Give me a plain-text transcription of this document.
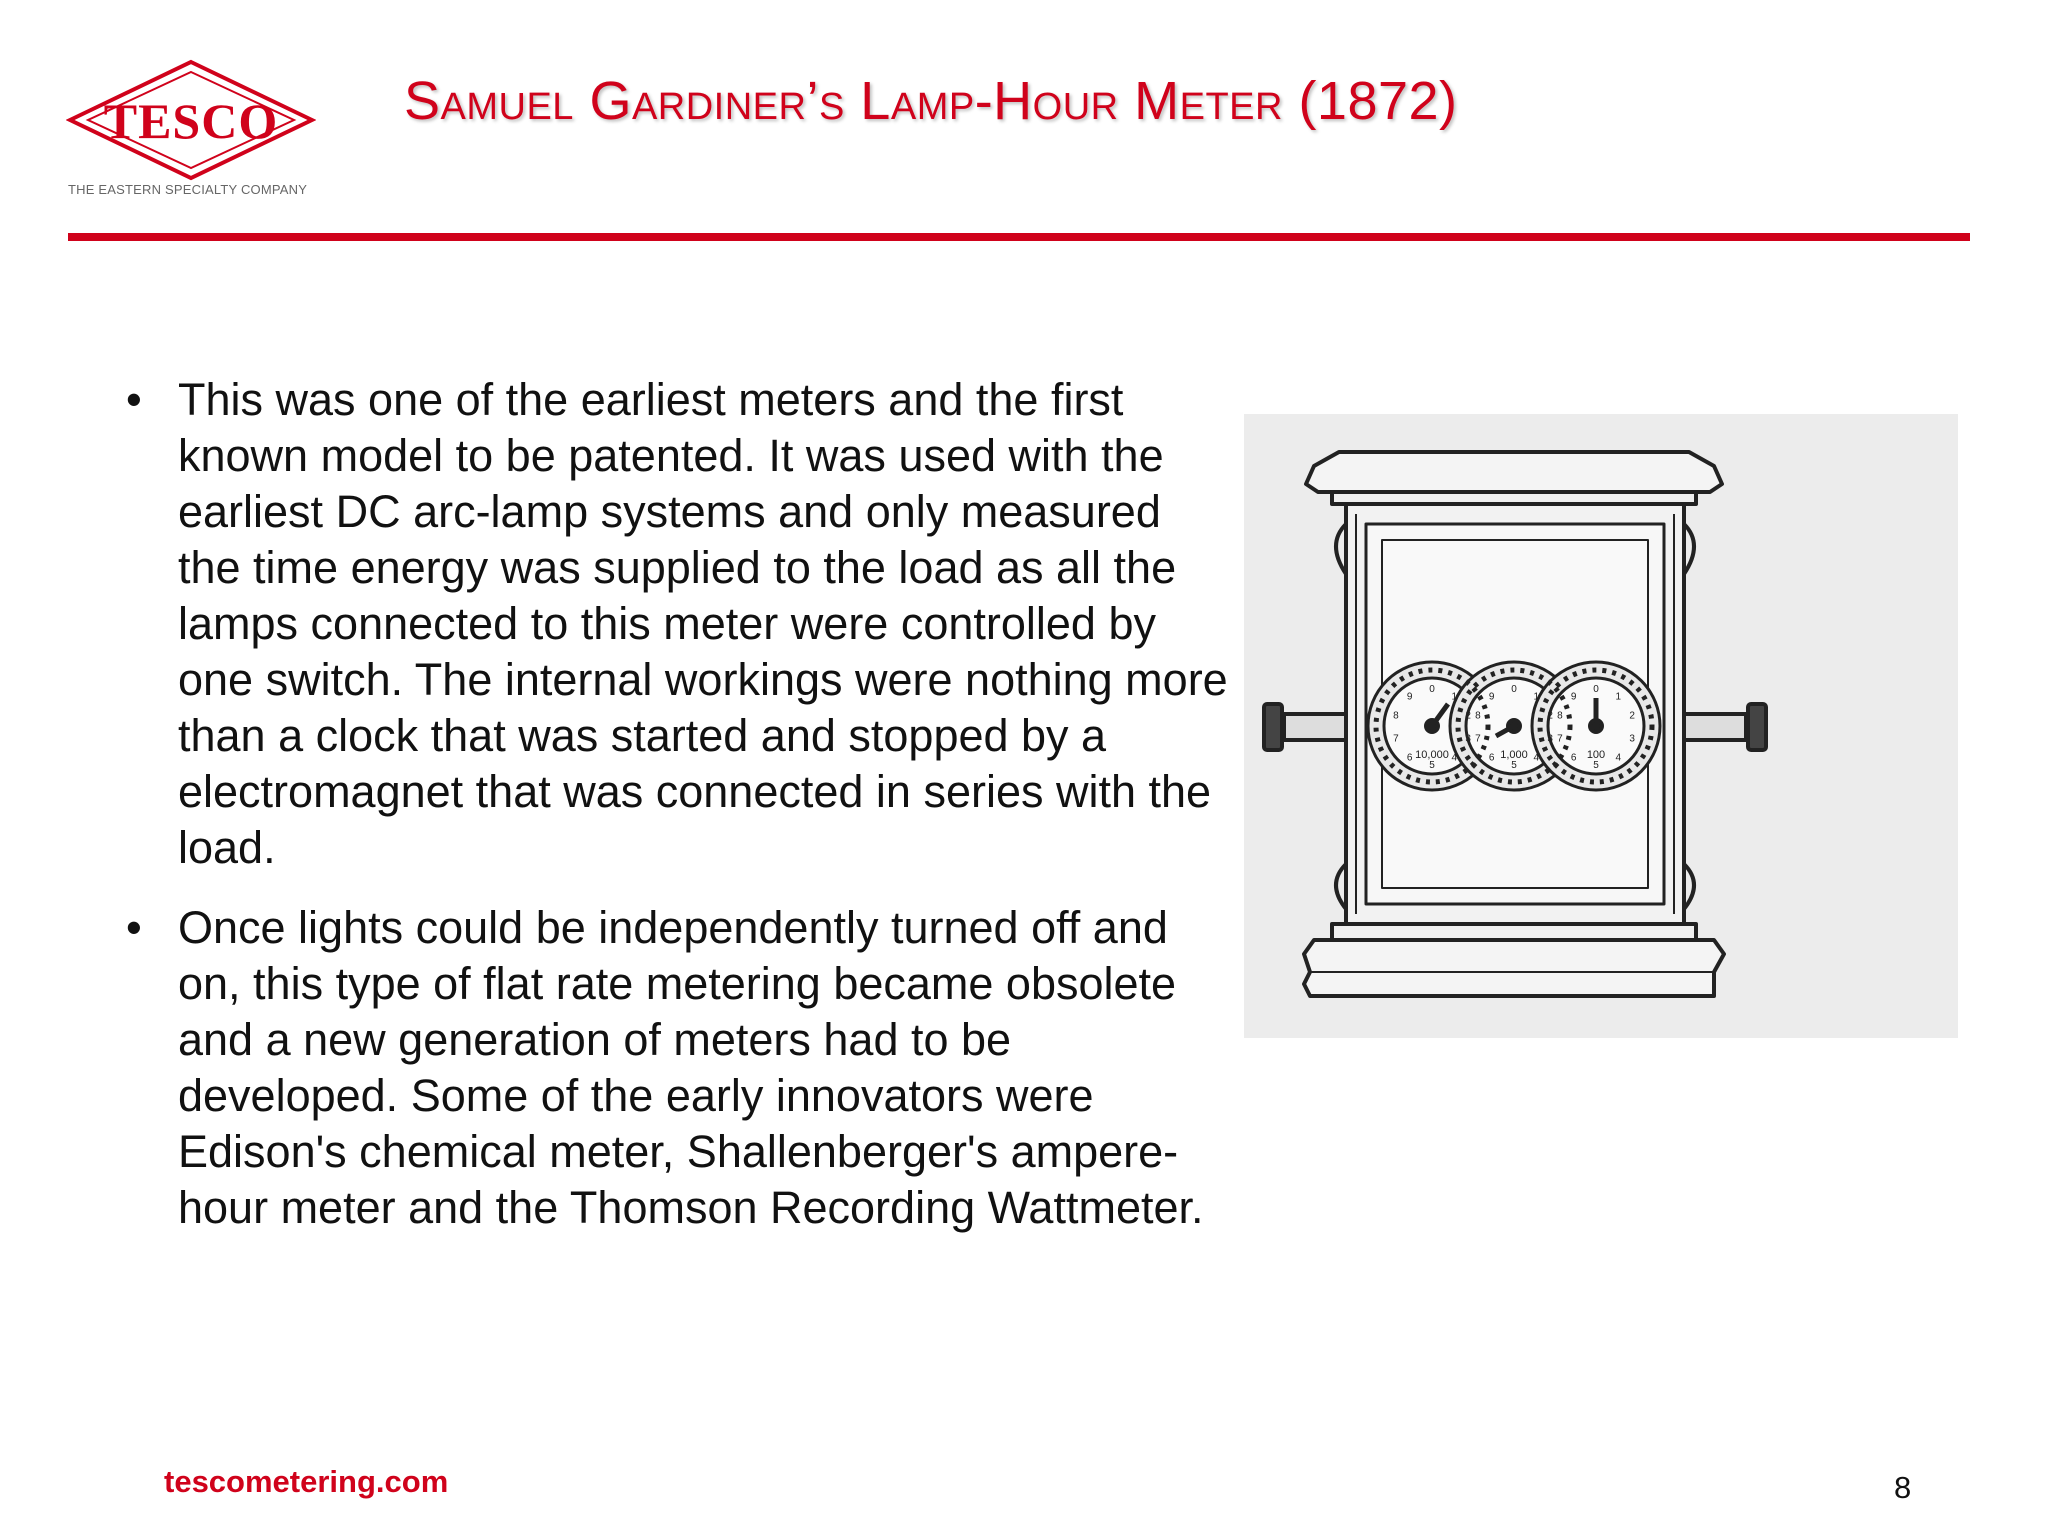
TESCO
THE EASTERN SPECIALTY COMPANY
Samuel Gardiner’s Lamp-Hour Meter (1872)
• This was one of the earliest meters and the first known model to be patented. It was used with the earliest DC arc-lamp systems and only measured the time energy was supplied to the load as all the lamps connected to this meter were controlled by one switch. The internal workings were nothing more than a clock that was started and stopped by a electromagnet that was connected in series with the load.
• Once lights could be independently turned off and on, this type of flat rate metering became obsolete and a new generation of meters had to be developed. Some of the early innovators were Edison's chemical meter, Shallenberger's ampere-hour meter and the Thomson Recording Wattmeter.
10,000	1,000	100
0
1
2
3
4
5
6
7
8
9
0
1
2
3
4
5
6
7
8
9
0
1
2
3
4
5
6
7
8
9
tescometering.com	8
